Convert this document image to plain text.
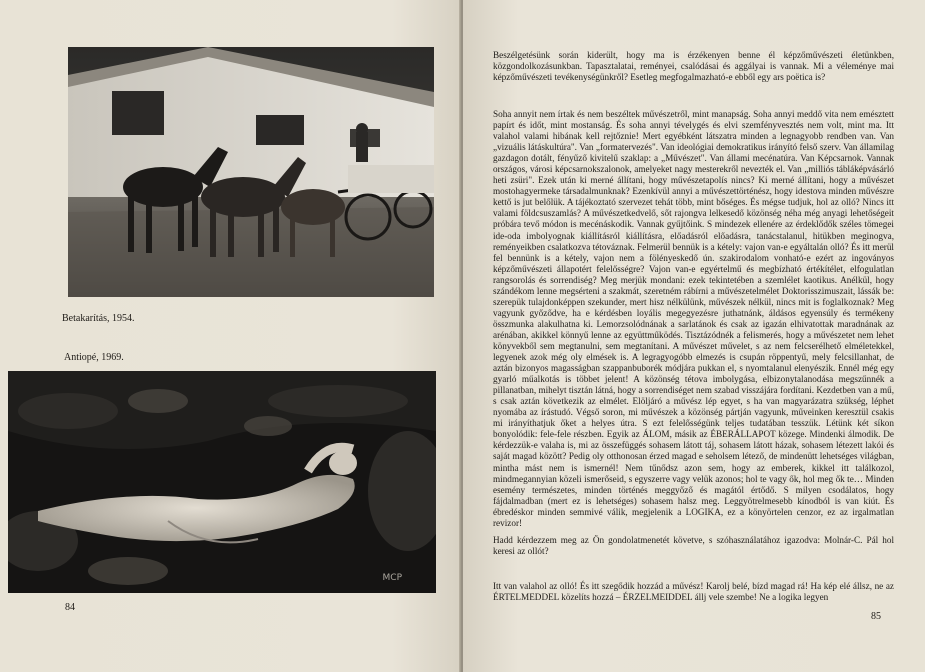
Betakarítás, 1954.
Antiopé, 1969.
MCP
84

Beszélgetésünk során kiderült, hogy ma is érzékenyen benne él képzőművészeti életünkben, közgondolkozásunkban. Tapasztalatai, reményei, csalódásai és aggályai is vannak. Mi a véleménye mai képzőművészeti tevékenységünkről? Esetleg megfogalmazható-e ebből egy ars poëtica is?

Soha annyit nem írtak és nem beszéltek művészetről, mint manapság. Soha annyi meddő vita nem emésztett papírt és időt, mint mostanság. És soha annyi tévelygés és elvi szemfényvesztés nem volt, mint ma. Itt valahol valami hibának kell rejtőznie! Mert egyébként látszatra minden a legnagyobb rendben van. Van „vizuális látáskultúra". Van „formatervezés". Van ideológiai demokratikus irányító felső szerv. Van államilag gazdagon dotált, fényűző kivitelű szaklap: a „Művészet". Van állami mecénatúra. Van Képcsarnok. Vannak országos, városi képcsarnokszalonok, amelyeket nagy mesterekről nevezték el. Van „milliós tábláképvásárló heti zsüri". Ezek után ki merné állítani, hogy művészetapolís nincs? Ki merné állítani, hogy a művészet mostohagyermeke társadalmunknak? Ezenkívül annyi a művészettörténész, hogy idestova minden művészre kettő is jut belőlük. A tájékoztató szervezet tehát több, mint bőséges. És mégse tudjuk, hol az olló? Nincs itt valami földcsuszamlás? A művészetkedvelő, sőt rajongva lelkesedő közönség néha még anyagi lehetőségeit próbára tevő módon is mecénáskodik. Vannak gyűjtőink. S mindezek ellenére az érdeklődők széles tömegei ide-oda imbolyognak kiállításról kiállításra, előadásról előadásra, tanácstalanul, hitükben meginogva, reményeikben csalatkozva tétováznak. Felmerül bennük is a kétely: vajon van-e egyáltalán olló? És itt merül fel bennünk is a kétely, vajon nem a fölényeskedő ún. szakirodalom vonható-e ezért az ingoványos képzőművészeti állapotért felelősségre? Vajon van-e egyértelmű és megbízható értékítélet, elfogulatlan rangsorolás és sorrendiség? Meg merjük mondani: ezek tekintetében a szemlélet kaotikus. Anélkül, hogy szándékom lenne megsérteni a szakmát, szeretném rábírni a művészetelmélet Doktorisszimuszait, lássák be: szerepük tulajdonképpen szekunder, mert hisz nélkülünk, művészek nélkül, nincs mit is foglalkoznak? Meg vagyunk győződve, ha e kérdésben loyális megegyezésre juthatnánk, áldásos egyensúly és termékeny összmunka alakulhatna ki. Lemorzsolódnának a sarlatánok és csak az igazán elhivatottak maradnának az arénában, akikkel könnyű lenne az együttműködés. Tisztázódnék a felismerés, hogy a művészetet nem lehet könyvekből sem megtanulni, sem megtanítani. A művészet művelet, s az nem felcserélhető elméletekkel, legyenek azok még oly elmések is. A legragyogóbb elmezés is csupán röppentyű, mely felcsillanhat, de aztán bizonyos magasságban szappanbuborék módjára pukkan el, s nyomtalanul elenyészik. Ennél még egy gyarló műalkotás is többet jelent! A közönség tétova imbolygása, elbizonytalanodása megszűnnék a pillanatban, mihelyt tisztán látná, hogy a sorrendiséget nem szabad visszájára fordítani. Kezdetben van a mű, s csak aztán következik az elmélet. Elöljáró a művész lép egyet, s ha van magyarázatra szükség, léphet nyomába az írástudó. Végső soron, mi művészek a közönség pártján vagyunk, műveinken keresztül csakis mi irányíthatjuk őket a helyes útra. S ezt felelősségünk teljes tudatában tesszük. Létünk két síkon bonyolódik: fele-fele részben. Egyik az ÁLOM, másik az ÉBERÁLLAPOT közege. Mindenki álmodik. De kérdezzük-e valaha is, mi az összefüggés sohasem látott táj, sohasem látott házak, sohasem létezett lakói és saját magad között? Pedig oly otthonosan érzed magad e seholsem létező, de mindenütt lehetséges világban, mintha mást nem is ismernél! Nem tűnődsz azon sem, hogy az emberek, kikkel itt találkozol, mindmegannyian közeli ismerőseid, s egyszerre vagy velük azonos; hol te vagy ők, hol meg ők te… Minden esemény természetes, minden történés meggyőző és magától értődő. S milyen csodálatos, hogy fájdalmadban (mert ez is lehetséges) sohasem halsz meg. Leggyötrelmesebb kínodból is van kiút. És ébredéskor minden semmivé válik, megjelenik a LOGIKA, ez a könyörtelen cenzor, ez az irgalmatlan revizor!

Hadd kérdezzem meg az Ön gondolatmenetét követve, s szóhasználatához igazodva: Molnár-C. Pál hol keresi az ollót?

Itt van valahol az olló! És itt szegődik hozzád a művész! Karolj belé, bízd magad rá! Ha kép elé állsz, ne az ÉRTELMEDDEL közelíts hozzá – ÉRZELMEIDDEL állj vele szembe! Ne a logika legyen

85
